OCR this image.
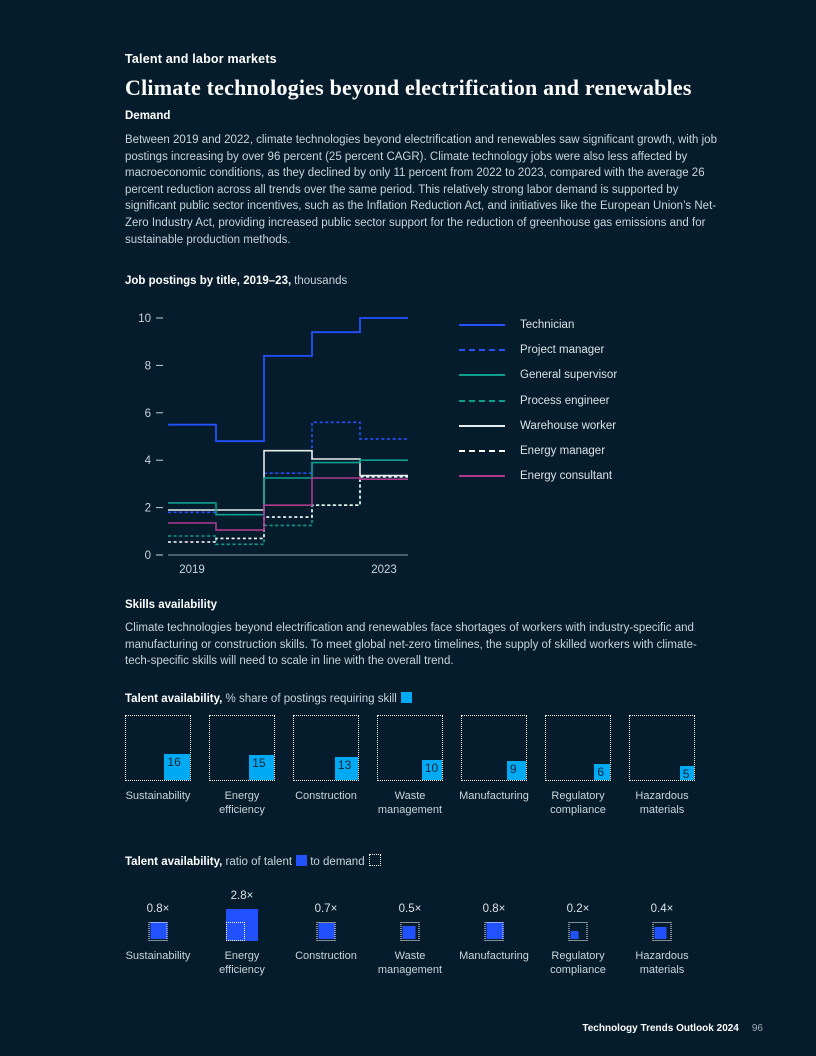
Talent and labor markets
Climate technologies beyond electrification and renewables
Demand
Between 2019 and 2022, climate technologies beyond electrification and renewables saw significant growth, with job postings increasing by over 96 percent (25 percent CAGR). Climate technology jobs were also less affected by macroeconomic conditions, as they declined by only 11 percent from 2022 to 2023, compared with the average 26 percent reduction across all trends over the same period. This relatively strong labor demand is supported by significant public sector incentives, such as the Inflation Reduction Act, and initiatives like the European Union’s Net-Zero Industry Act, providing increased public sector support for the reduction of greenhouse gas emissions and for sustainable production methods.
Job postings by title, 2019–23, thousands
0
2
4
6
8
10
2019	2023
Technician
Project manager
General supervisor
Process engineer
Warehouse worker
Energy manager
Energy consultant
Skills availability
Climate technologies beyond electrification and renewables face shortages of workers with industry-specific and manufacturing or construction skills. To meet global net-zero timelines, the supply of skilled workers with climate-tech-specific skills will need to scale in line with the overall trend.
Talent availability, % share of postings requiring skill
16
Sustainability
15
Energy efficiency
13
Construction
10
Waste management
9
Manufacturing
6
Regulatory compliance
5
Hazardous materials
Talent availability, ratio of talent to demand
0.8×
Sustainability
2.8×
Energy efficiency
0.7×
Construction
0.5×
Waste management
0.8×
Manufacturing
0.2×
Regulatory compliance
0.4×
Hazardous materials
Technology Trends Outlook 2024 96
